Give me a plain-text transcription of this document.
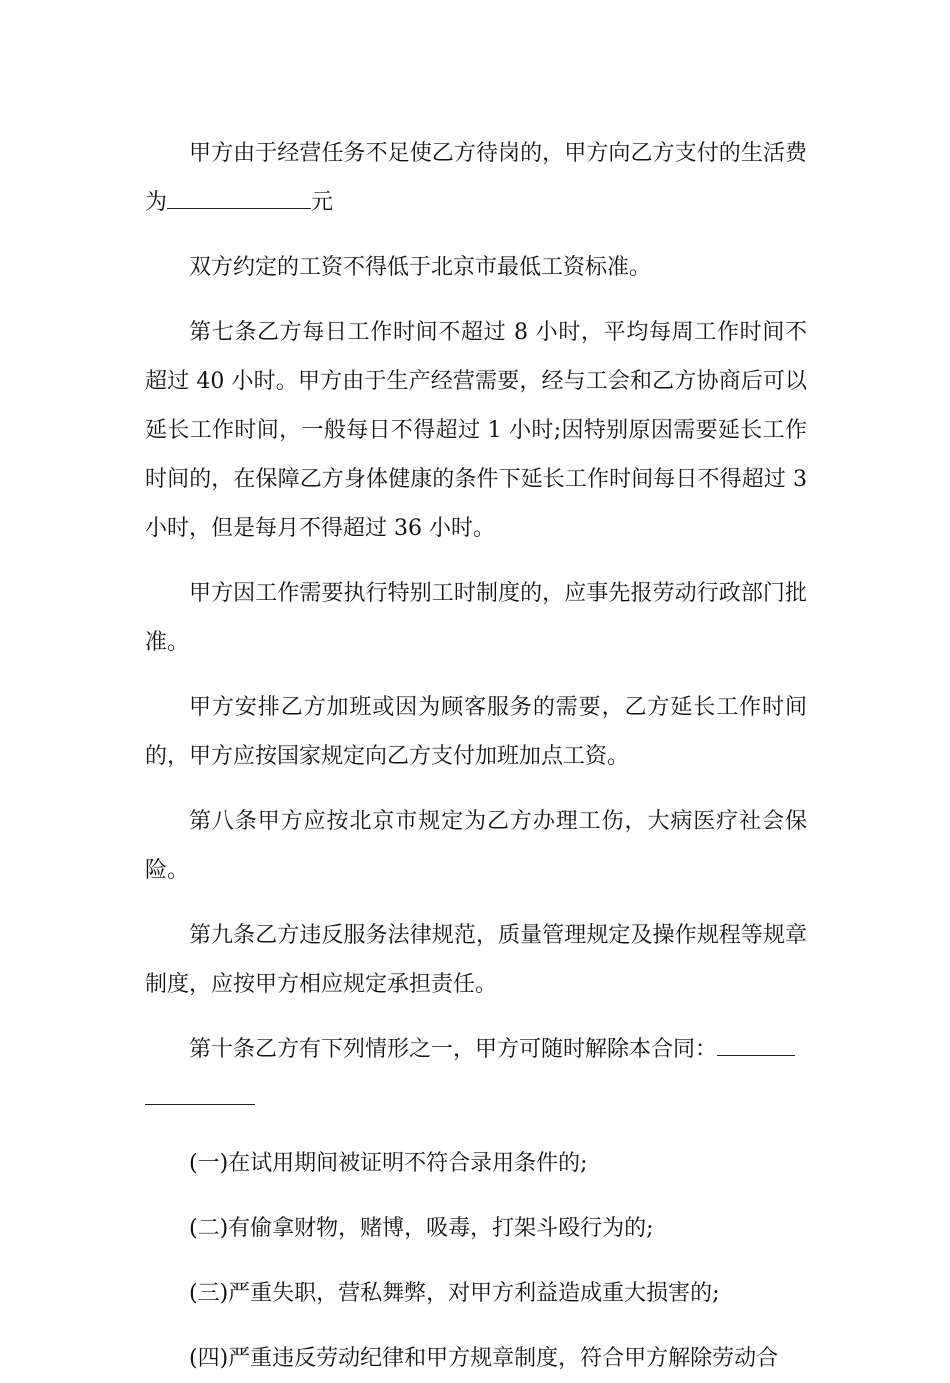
甲方由于经营任务不足使乙方待岗的，甲方向乙方支付的生活费为	元

双方约定的工资不得低于北京市最低工资标准。

第七条乙方每日工作时间不超过 8 小时，平均每周工作时间不超过 40 小时。甲方由于生产经营需要，经与工会和乙方协商后可以延长工作时间，一般每日不得超过 1 小时;因特别原因需要延长工作时间的，在保障乙方身体健康的条件下延长工作时间每日不得超过 3 小时，但是每月不得超过 36 小时。

甲方因工作需要执行特别工时制度的，应事先报劳动行政部门批准。

甲方安排乙方加班或因为顾客服务的需要，乙方延长工作时间的，甲方应按国家规定向乙方支付加班加点工资。

第八条甲方应按北京市规定为乙方办理工伤，大病医疗社会保险。

第九条乙方违反服务法律规范，质量管理规定及操作规程等规章制度，应按甲方相应规定承担责任。

第十条乙方有下列情形之一，甲方可随时解除本合同：

(一)在试用期间被证明不符合录用条件的;

(二)有偷拿财物，赌博，吸毒，打架斗殴行为的;

(三)严重失职，营私舞弊，对甲方利益造成重大损害的;

(四)严重违反劳动纪律和甲方规章制度，符合甲方解除劳动合
